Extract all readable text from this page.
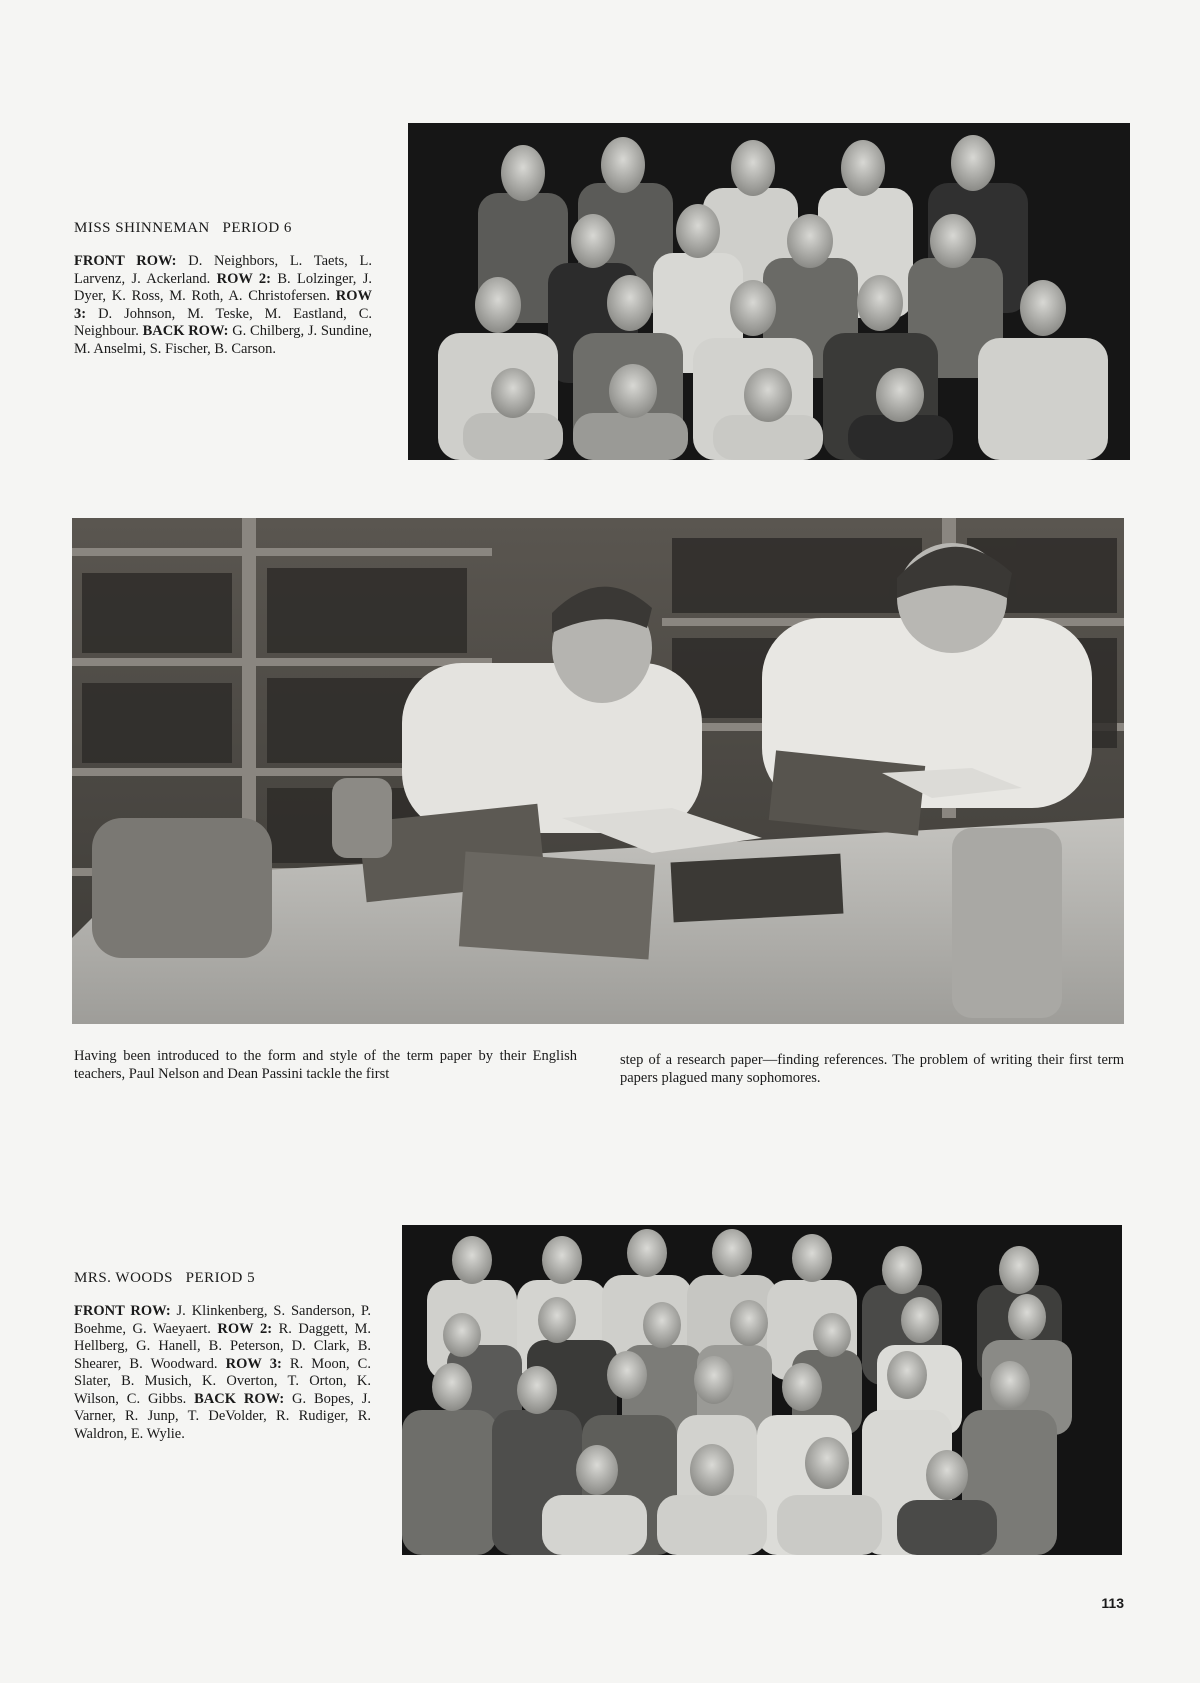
MISS SHINNEMAN   PERIOD 6

FRONT ROW: D. Neighbors, L. Taets, L. Larvenz, J. Ackerland. ROW 2: B. Lolzinger, J. Dyer, K. Ross, M. Roth, A. Christofersen. ROW 3: D. Johnson, M. Teske, M. Eastland, C. Neighbour. BACK ROW: G. Chilberg, J. Sundine, M. Anselmi, S. Fischer, B. Carson.

Having been introduced to the form and style of the term paper by their English teachers, Paul Nelson and Dean Passini tackle the first

step of a research paper—finding references. The problem of writing their first term papers plagued many sophomores.

MRS. WOODS   PERIOD 5

FRONT ROW: J. Klinkenberg, S. Sanderson, P. Boehme, G. Waeyaert. ROW 2: R. Daggett, M. Hellberg, G. Hanell, B. Peterson, D. Clark, B. Shearer, B. Woodward. ROW 3: R. Moon, C. Slater, B. Musich, K. Overton, T. Orton, K. Wilson, C. Gibbs. BACK ROW: G. Bopes, J. Varner, R. Junp, T. DeVolder, R. Rudiger, R. Waldron, E. Wylie.

113
